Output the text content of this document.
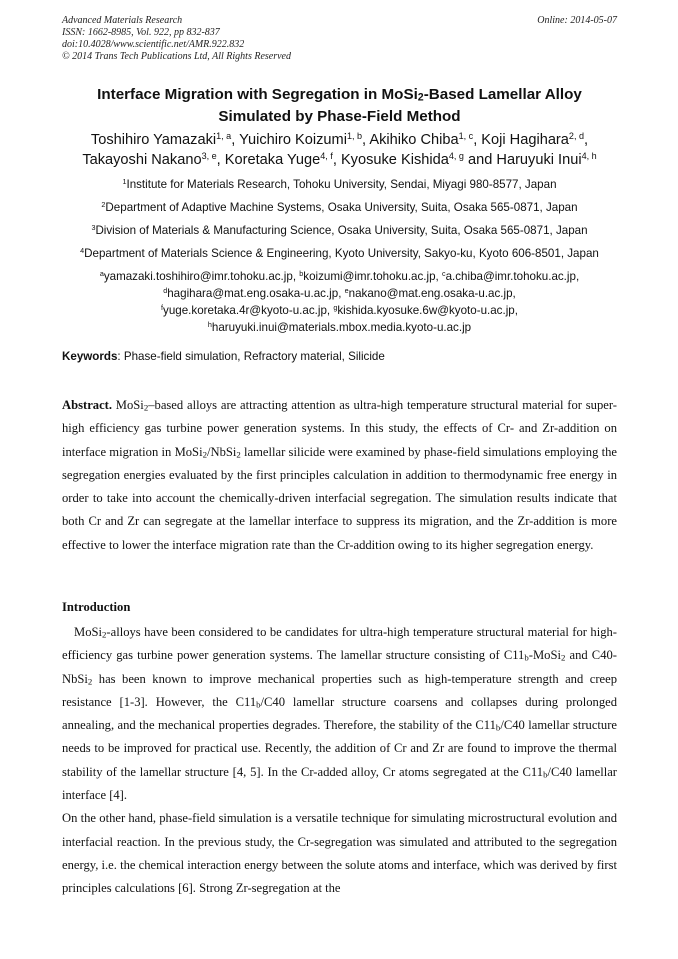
Advanced Materials Research
ISSN: 1662-8985, Vol. 922, pp 832-837
doi:10.4028/www.scientific.net/AMR.922.832
© 2014 Trans Tech Publications Ltd, All Rights Reserved
Online: 2014-05-07
Interface Migration with Segregation in MoSi$_2$-Based Lamellar Alloy
Simulated by Phase-Field Method
Toshihiro Yamazaki$^{1, a}$, Yuichiro Koizumi$^{1, b}$, Akihiko Chiba$^{1, c}$, Koji Hagihara$^{2, d}$,
Takayoshi Nakano$^{3, e}$, Koretaka Yuge$^{4, f}$, Kyosuke Kishida$^{4, g}$ and Haruyuki Inui$^{4, h}$
$^1$Institute for Materials Research, Tohoku University, Sendai, Miyagi 980-8577, Japan
$^2$Department of Adaptive Machine Systems, Osaka University, Suita, Osaka 565-0871, Japan
$^3$Division of Materials & Manufacturing Science, Osaka University, Suita, Osaka 565-0871, Japan
$^4$Department of Materials Science & Engineering, Kyoto University, Sakyo-ku, Kyoto 606-8501, Japan
$^a$yamazaki.toshihiro@imr.tohoku.ac.jp, $^b$koizumi@imr.tohoku.ac.jp, $^c$a.chiba@imr.tohoku.ac.jp,
$^d$hagihara@mat.eng.osaka-u.ac.jp, $^e$nakano@mat.eng.osaka-u.ac.jp,
$^f$yuge.koretaka.4r@kyoto-u.ac.jp, $^g$kishida.kyosuke.6w@kyoto-u.ac.jp,
$^h$haruyuki.inui@materials.mbox.media.kyoto-u.ac.jp
Keywords: Phase-field simulation, Refractory material, Silicide

Abstract. MoSi$_2$–based alloys are attracting attention as ultra-high temperature structural material for super-high efficiency gas turbine power generation systems. In this study, the effects of Cr- and Zr-addition on interface migration in MoSi$_2$/NbSi$_2$ lamellar silicide were examined by phase-field simulations employing the segregation energies evaluated by the first principles calculation in addition to thermodynamic free energy in order to take into account the chemically-driven interfacial segregation. The simulation results indicate that both Cr and Zr can segregate at the lamellar interface to suppress its migration, and the Zr-addition is more effective to lower the interface migration rate than the Cr-addition owing to its higher segregation energy.

Introduction

MoSi$_2$-alloys have been considered to be candidates for ultra-high temperature structural material for high-efficiency gas turbine power generation systems. The lamellar structure consisting of $C11_b-MoSi_2$ and C40-NbSi$_2$ has been known to improve mechanical properties such as high-temperature strength and creep resistance [1-3]. However, the $C11_b/C40$ lamellar structure coarsens and collapses during prolonged annealing, and the mechanical properties degrades. Therefore, the stability of the $C11_b/C40$ lamellar structure needs to be improved for practical use. Recently, the addition of Cr and Zr are found to improve the thermal stability of the lamellar structure [4, 5]. In the Cr-added alloy, Cr atoms segregated at the $C11_b/C40$ lamellar interface [4].

On the other hand, phase-field simulation is a versatile technique for simulating microstructural evolution and interfacial reaction. In the previous study, the Cr-segregation was simulated and attributed to the segregation energy, i.e. the chemical interaction energy between the solute atoms and interface, which was derived by first principles calculations [6]. Strong Zr-segregation at the
